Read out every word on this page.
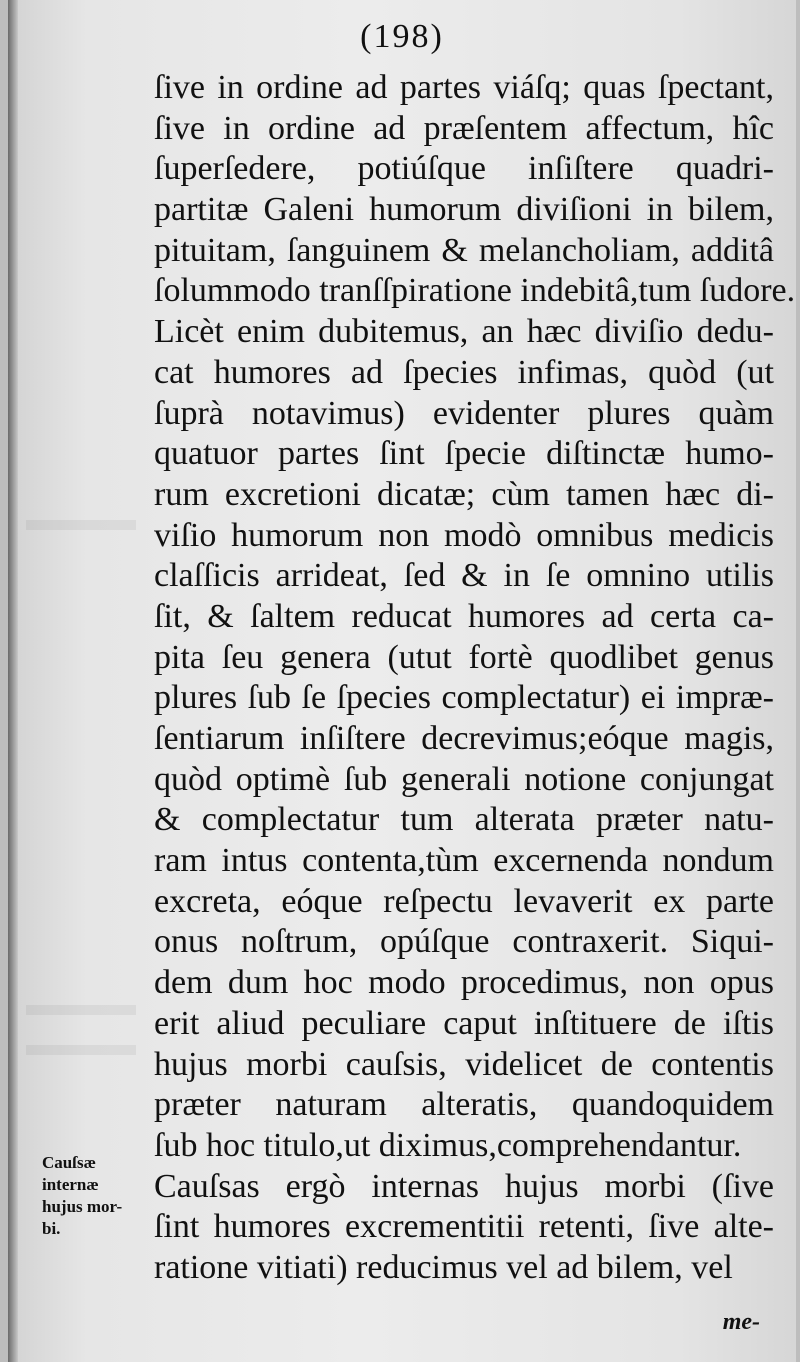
(198)
ſive in ordine ad partes viáſq; quas ſpectant,
ſive in ordine ad præſentem affectum, hîc
ſuperſedere, potiúſque inſiſtere quadri-
partitæ Galeni humorum diviſioni in bilem,
pituitam, ſanguinem & melancholiam, additâ
ſolummodo tranſſpiratione indebitâ,tum ſudore.
Licèt enim dubitemus, an hæc diviſio dedu-
cat humores ad ſpecies infimas, quòd (ut
ſuprà notavimus) evidenter plures quàm
quatuor partes ſint ſpecie diſtinctæ humo-
rum excretioni dicatæ; cùm tamen hæc di-
viſio humorum non modò omnibus medicis
claſſicis arrideat, ſed & in ſe omnino utilis
ſit, & ſaltem reducat humores ad certa ca-
pita ſeu genera (utut fortè quodlibet genus
plures ſub ſe ſpecies complectatur) ei impræ-
ſentiarum inſiſtere decrevimus;eóque magis,
quòd optimè ſub generali notione conjungat
& complectatur tum alterata præter natu-
ram intus contenta,tùm excernenda nondum
excreta, eóque reſpectu levaverit ex parte
onus noſtrum, opúſque contraxerit. Siqui-
dem dum hoc modo procedimus, non opus
erit aliud peculiare caput inſtituere de iſtis
hujus morbi cauſsis, videlicet de contentis
præter naturam alteratis, quandoquidem
ſub hoc titulo,ut diximus,comprehendantur.
Cauſsas ergò internas hujus morbi (ſive
ſint humores excrementitii retenti, ſive alte-
ratione vitiati) reducimus vel ad bilem, vel
Cauſsæ
internæ
hujus mor-
bi.
me-
